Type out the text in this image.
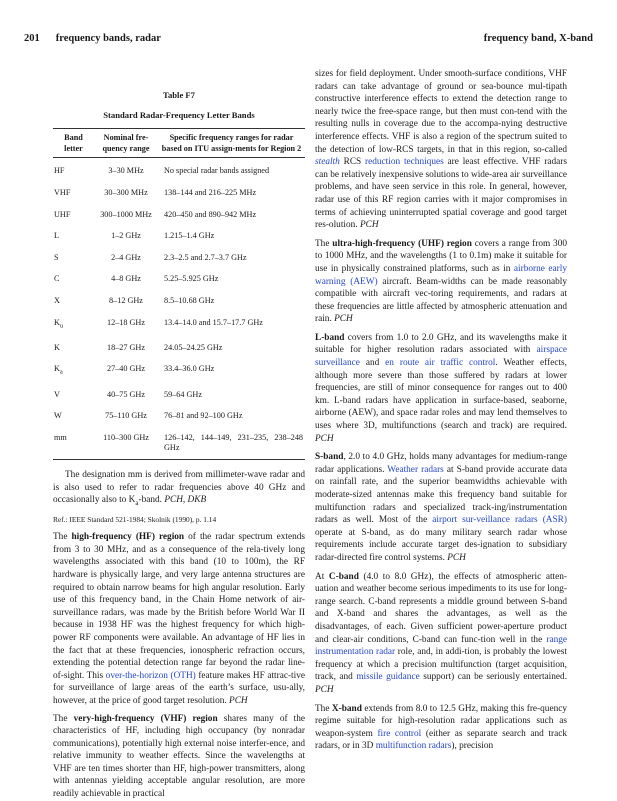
201 frequency bands, radar	frequency band, X-band
Table F7
Standard Radar-Frequency Letter Bands
Band letter	Nominal fre-quency range	Specific frequency ranges for radar based on ITU assign-ments for Region 2
HF	3–30 MHz	No special radar bands assigned
VHF	30–300 MHz	138–144 and 216–225 MHz
UHF	300–1000 MHz	420–450 and 890–942 MHz
L	1–2 GHz	1.215–1.4 GHz
S	2–4 GHz	2.3–2.5 and 2.7–3.7 GHz
C	4–8 GHz	5.25–5.925 GHz
X	8–12 GHz	8.5–10.68 GHz
$K_u$	12–18 GHz	13.4–14.0 and 15.7–17.7 GHz
K	18–27 GHz	24.05–24.25 GHz
$K_a$	27–40 GHz	33.4–36.0 GHz
V	40–75 GHz	59–64 GHz
W	75–110 GHz	76–81 and 92–100 GHz
mm	110–300 GHz	126–142, 144–149, 231–235, 238–248 GHz

The designation mm is derived from millimeter-wave radar and is also used to refer to radar frequencies above 40 GHz and occasionally also to $K_a$-band. PCH, DKB

Ref.: IEEE Standard 521-1984; Skolnik (1990), p. 1.14

The high-frequency (HF) region of the radar spectrum extends from 3 to 30 MHz, and as a consequence of the rela-tively long wavelengths associated with this band (10 to 100m), the RF hardware is physically large, and very large antenna structures are required to obtain narrow beams for high angular resolution. Early use of this frequency band, in the Chain Home network of air-surveillance radars, was made by the British before World War II because in 1938 HF was the highest frequency for which high-power RF components were available. An advantage of HF lies in the fact that at these frequencies, ionospheric refraction occurs, extending the potential detection range far beyond the radar line-of-sight. This over-the-horizon (OTH) feature makes HF attrac-tive for surveillance of large areas of the earth’s surface, usu-ally, however, at the price of good target resolution. PCH

The very-high-frequency (VHF) region shares many of the characteristics of HF, including high occupancy (by nonradar communications), potentially high external noise interfer-ence, and relative immunity to weather effects. Since the wavelengths at VHF are ten times shorter than HF, high-power transmitters, along with antennas yielding acceptable angular resolution, are more readily achievable in practical

sizes for field deployment. Under smooth-surface conditions, VHF radars can take advantage of ground or sea-bounce mul-tipath constructive interference effects to extend the detection range to nearly twice the free-space range, but then must con-tend with the resulting nulls in coverage due to the accompa-nying destructive interference effects. VHF is also a region of the spectrum suited to the detection of low-RCS targets, in that in this region, so-called stealth RCS reduction techniques are least effective. VHF radars can be relatively inexpensive solutions to wide-area air surveillance problems, and have seen service in this role. In general, however, radar use of this RF region carries with it major compromises in terms of achieving uninterrupted spatial coverage and good target res-olution. PCH

The ultra-high-frequency (UHF) region covers a range from 300 to 1000 MHz, and the wavelengths (1 to 0.1m) make it suitable for use in physically constrained platforms, such as in airborne early warning (AEW) aircraft. Beam-widths can be made reasonably compatible with aircraft vec-toring requirements, and radars at these frequencies are little affected by atmospheric attenuation and rain. PCH

L-band covers from 1.0 to 2.0 GHz, and its wavelengths make it suitable for higher resolution radars associated with airspace surveillance and en route air traffic control. Weather effects, although more severe than those suffered by radars at lower frequencies, are still of minor consequence for ranges out to 400 km. L-band radars have application in surface-based, seaborne, airborne (AEW), and space radar roles and may lend themselves to uses where 3D, multifunctions (search and track) are required. PCH

S-band, 2.0 to 4.0 GHz, holds many advantages for medium-range radar applications. Weather radars at S-band provide accurate data on rainfall rate, and the superior beamwidths achievable with moderate-sized antennas make this frequency band suitable for multifunction radars and specialized track-ing/instrumentation radars as well. Most of the airport sur-veillance radars (ASR) operate at S-band, as do many military search radar whose requirements include accurate target des-ignation to subsidiary radar-directed fire control systems. PCH

At C-band (4.0 to 8.0 GHz), the effects of atmospheric atten-uation and weather become serious impediments to its use for long-range search. C-band represents a middle ground between S-band and X-band and shares the advantages, as well as the disadvantages, of each. Given sufficient power-aperture product and clear-air conditions, C-band can func-tion well in the range instrumentation radar role, and, in addi-tion, is probably the lowest frequency at which a precision multifunction (target acquisition, track, and missile guidance support) can be seriously entertained. PCH

The X-band extends from 8.0 to 12.5 GHz, making this fre-quency regime suitable for high-resolution radar applications such as weapon-system fire control (either as separate search and track radars, or in 3D multifunction radars), precision
